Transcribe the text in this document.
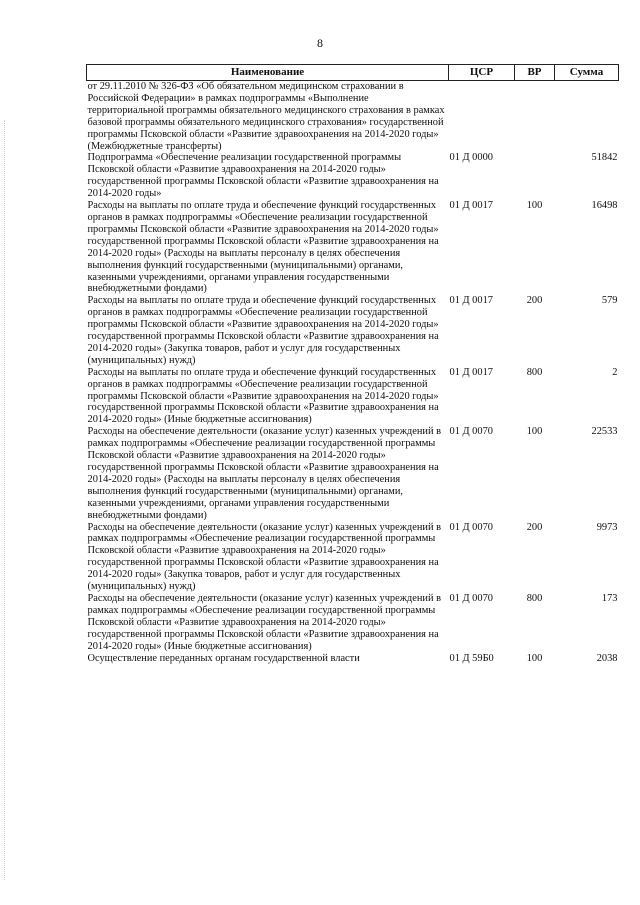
8
Наименование	ЦСР	ВР	Сумма
от 29.11.2010 № 326-ФЗ «Об обязательном медицинском страховании в Российской Федерации» в рамках подпрограммы «Выполнение территориальной программы обязательного медицинского страхования в рамках базовой программы обязательного медицинского страхования» государственной программы Псковской области «Развитие здравоохранения на 2014-2020 годы» (Межбюджетные трансферты)			
Подпрограмма «Обеспечение реализации государственной программы Псковской области «Развитие здравоохранения на 2014-2020 годы» государственной программы Псковской области «Развитие здравоохранения на 2014-2020 годы»	01 Д 0000		51842
Расходы на выплаты по оплате труда и обеспечение функций государственных органов в рамках подпрограммы «Обеспечение реализации государственной программы Псковской области «Развитие здравоохранения на 2014-2020 годы» государственной программы Псковской области «Развитие здравоохранения на 2014-2020 годы» (Расходы на выплаты персоналу в целях обеспечения выполнения функций государственными (муниципальными) органами, казенными учреждениями, органами управления государственными внебюджетными фондами)	01 Д 0017	100	16498
Расходы на выплаты по оплате труда и обеспечение функций государственных органов в рамках подпрограммы «Обеспечение реализации государственной программы Псковской области «Развитие здравоохранения на 2014-2020 годы» государственной программы Псковской области «Развитие здравоохранения на 2014-2020 годы» (Закупка товаров, работ и услуг для государственных (муниципальных) нужд)	01 Д 0017	200	579
Расходы на выплаты по оплате труда и обеспечение функций государственных органов в рамках подпрограммы «Обеспечение реализации государственной программы Псковской области «Развитие здравоохранения на 2014-2020 годы» государственной программы Псковской области «Развитие здравоохранения на 2014-2020 годы» (Иные бюджетные ассигнования)	01 Д 0017	800	2
Расходы на обеспечение деятельности (оказание услуг) казенных учреждений в рамках подпрограммы «Обеспечение реализации государственной программы Псковской области «Развитие здравоохранения на 2014-2020 годы» государственной программы Псковской области «Развитие здравоохранения на 2014-2020 годы» (Расходы на выплаты персоналу в целях обеспечения выполнения функций государственными (муниципальными) органами, казенными учреждениями, органами управления государственными внебюджетными фондами)	01 Д 0070	100	22533
Расходы на обеспечение деятельности (оказание услуг) казенных учреждений в рамках подпрограммы «Обеспечение реализации государственной программы Псковской области «Развитие здравоохранения на 2014-2020 годы» государственной программы Псковской области «Развитие здравоохранения на 2014-2020 годы» (Закупка товаров, работ и услуг для государственных (муниципальных) нужд)	01 Д 0070	200	9973
Расходы на обеспечение деятельности (оказание услуг) казенных учреждений в рамках подпрограммы «Обеспечение реализации государственной программы Псковской области «Развитие здравоохранения на 2014-2020 годы» государственной программы Псковской области «Развитие здравоохранения на 2014-2020 годы» (Иные бюджетные ассигнования)	01 Д 0070	800	173
Осуществление переданных органам государственной власти	01 Д 59Б0	100	2038
